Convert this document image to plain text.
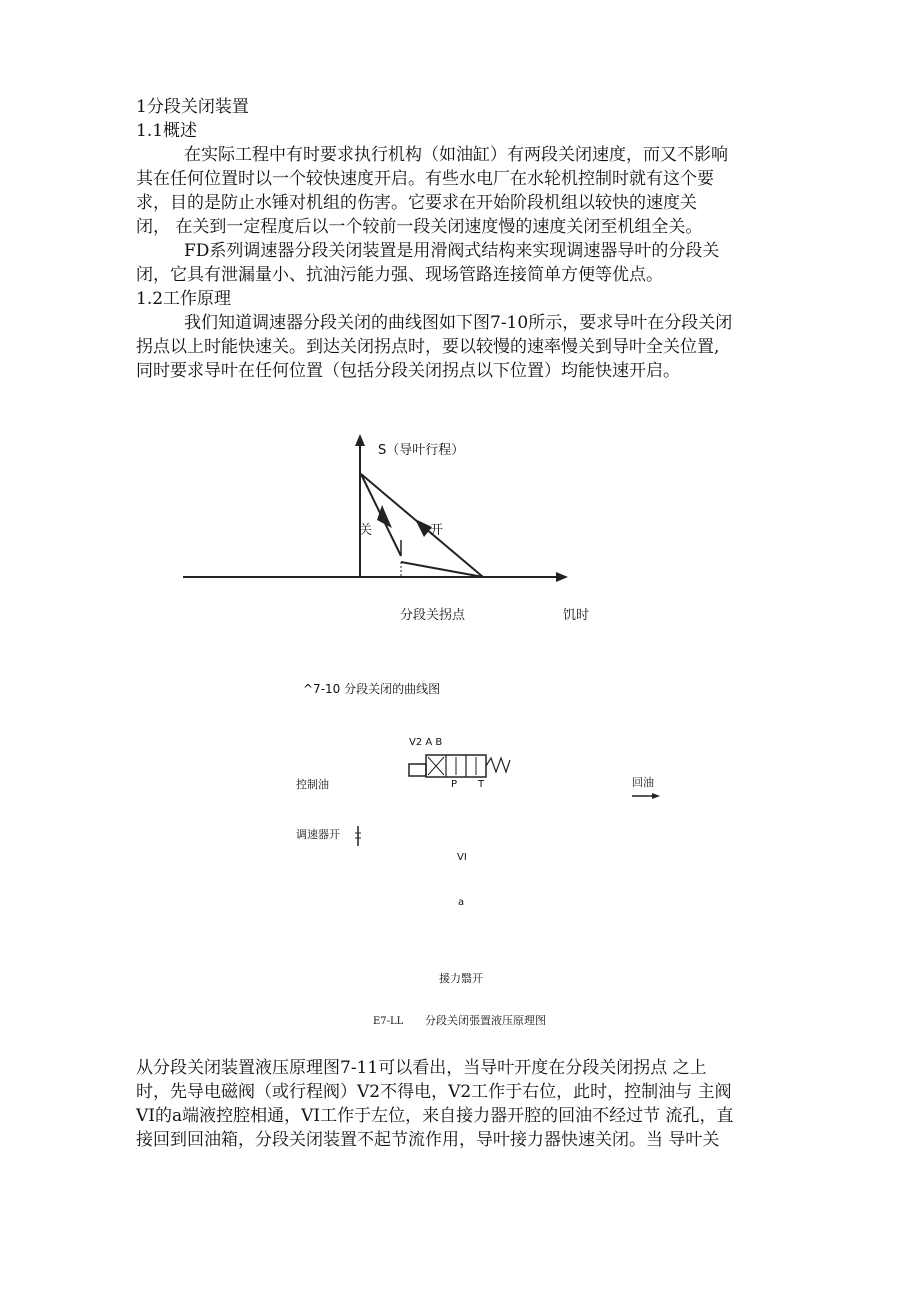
1分段关闭装置
1.1概述
在实际工程中有时要求执行机构（如油缸）有两段关闭速度，而又不影响
其在任何位置时以一个较快速度开启。有些水电厂在水轮机控制时就有这个要
求，目的是防止水锤对机组的伤害。它要求在开始阶段机组以较快的速度关
闭， 在关到一定程度后以一个较前一段关闭速度慢的速度关闭至机组全关。
FD系列调速器分段关闭装置是用滑阀式结构来实现调速器导叶的分段关
闭，它具有泄漏量小、抗油污能力强、现场管路连接简单方便等优点。
1.2工作原理
我们知道调速器分段关闭的曲线图如下图7-10所示，要求导叶在分段关闭
拐点以上时能快速关。到达关闭拐点时，要以较慢的速率慢关到导叶全关位置,
同时要求导叶在任何位置（包括分段关闭拐点以下位置）均能快速开启。
S（导叶行程）
关	开
分段关拐点	饥时
^7-10 分段关闭的曲线图
V2 A B
P T
控制油	回油
调速器开
VI
a
援力翳开
E7-LL 分段关闭張置液压原理图
从分段关闭装置液压原理图7-11可以看出，当导叶开度在分段关闭拐点 之上
时，先导电磁阀（或行程阀）V2不得电，V2工作于右位，此时，控制油与 主阀
VI的a端液控腔相通，VI工作于左位，来自接力器开腔的回油不经过节 流孔，直
接回到回油箱，分段关闭装置不起节流作用，导叶接力器快速关闭。当 导叶关
